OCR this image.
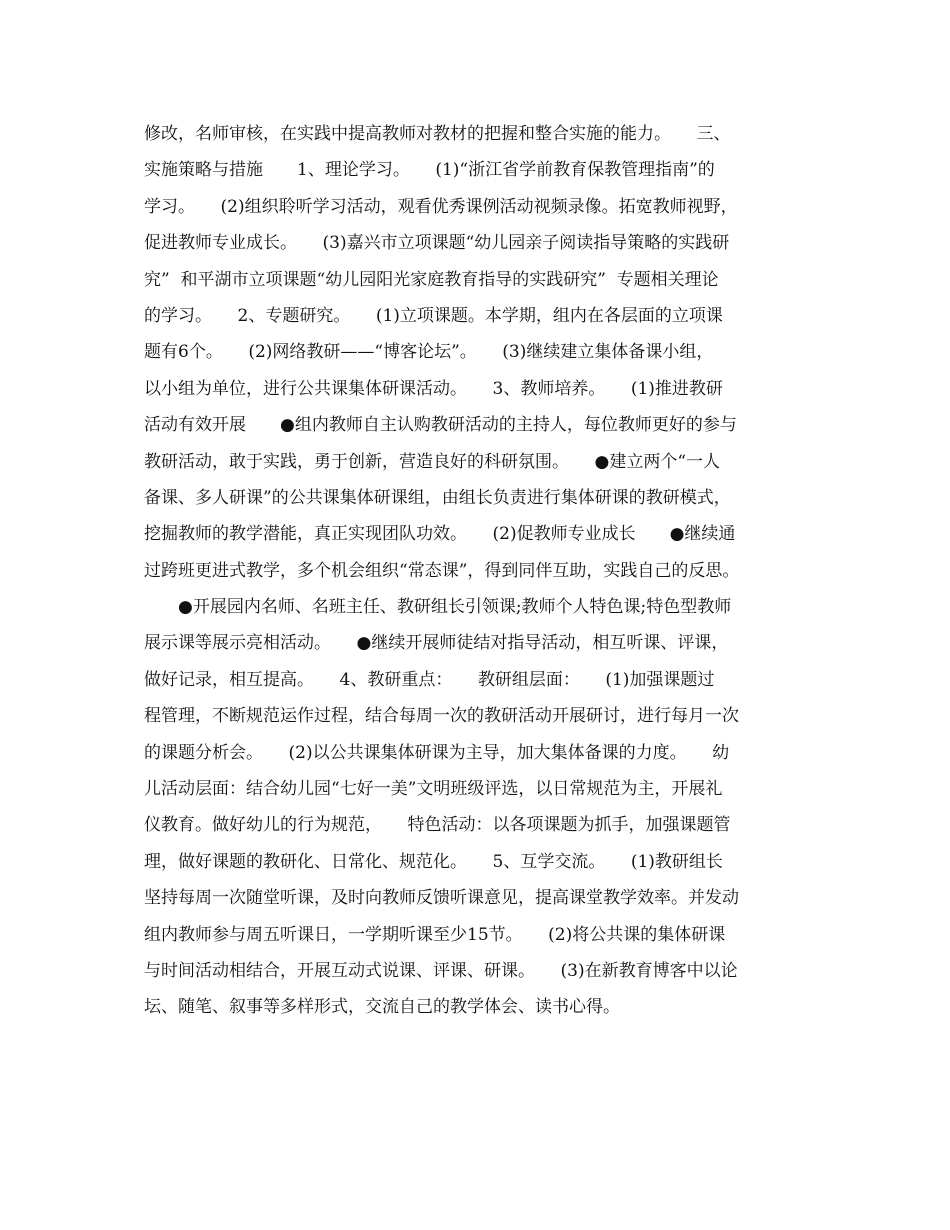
修改，名师审核，在实践中提高教师对教材的把握和整合实施的能力。　　三、
实施策略与措施　　1、理论学习。　　(1)“浙江省学前教育保教管理指南”的
学习。　　(2)组织聆听学习活动，观看优秀课例活动视频录像。拓宽教师视野，
促进教师专业成长。　　(3)嘉兴市立项课题“幼儿园亲子阅读指导策略的实践研
究”  和平湖市立项课题“幼儿园阳光家庭教育指导的实践研究”  专题相关理论
的学习。　　2、专题研究。　　(1)立项课题。本学期，组内在各层面的立项课
题有6个。　　(2)网络教研——“博客论坛”。　　(3)继续建立集体备课小组，
以小组为单位，进行公共课集体研课活动。　　3、教师培养。　　(1)推进教研
活动有效开展　　●组内教师自主认购教研活动的主持人，每位教师更好的参与
教研活动，敢于实践，勇于创新，营造良好的科研氛围。　　●建立两个“一人
备课、多人研课”的公共课集体研课组，由组长负责进行集体研课的教研模式，
挖掘教师的教学潜能，真正实现团队功效。　　(2)促教师专业成长　　●继续通
过跨班更进式教学，多个机会组织“常态课”，得到同伴互助，实践自己的反思。
　　●开展园内名师、名班主任、教研组长引领课;教师个人特色课;特色型教师
展示课等展示亮相活动。　　●继续开展师徒结对指导活动，相互听课、评课，
做好记录，相互提高。　　4、教研重点：　　教研组层面：　　(1)加强课题过
程管理，不断规范运作过程，结合每周一次的教研活动开展研讨，进行每月一次
的课题分析会。　　(2)以公共课集体研课为主导，加大集体备课的力度。　　幼
儿活动层面：结合幼儿园“七好一美”文明班级评选，以日常规范为主，开展礼
仪教育。做好幼儿的行为规范，　　特色活动：以各项课题为抓手，加强课题管
理，做好课题的教研化、日常化、规范化。　　5、互学交流。　　(1)教研组长
坚持每周一次随堂听课，及时向教师反馈听课意见，提高课堂教学效率。并发动
组内教师参与周五听课日，一学期听课至少15节。　　(2)将公共课的集体研课
与时间活动相结合，开展互动式说课、评课、研课。　　(3)在新教育博客中以论
坛、随笔、叙事等多样形式，交流自己的教学体会、读书心得。
